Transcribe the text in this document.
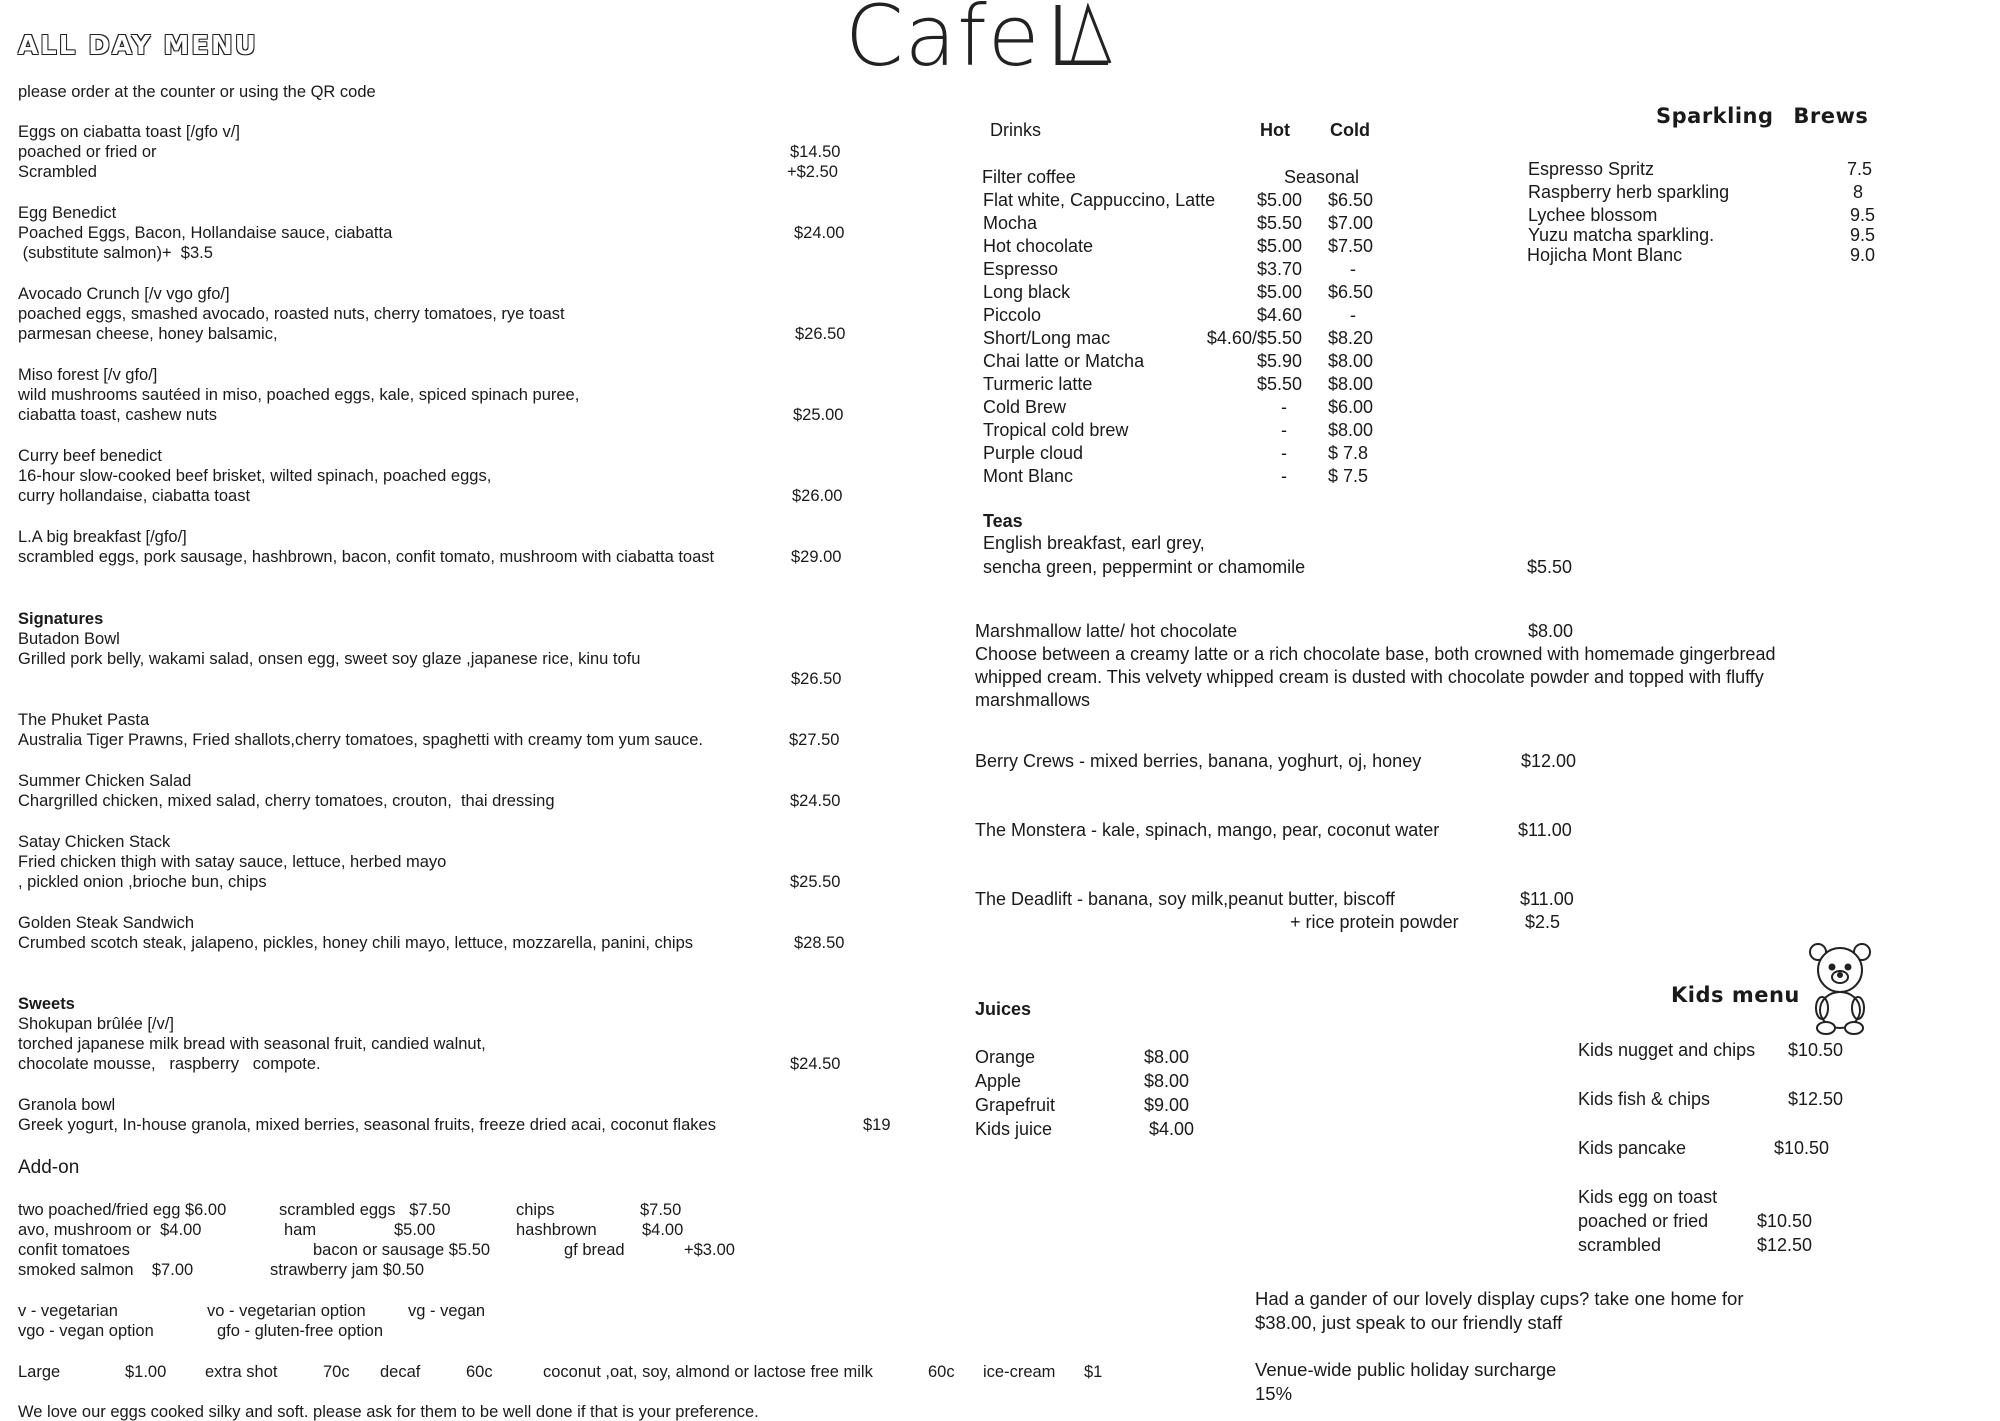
Cafe
ALL DAY MENU
please order at the counter or using the QR code
Eggs on ciabatta toast [/gfo v/]
poached or fried or
Scrambled
$14.50
+$2.50
Egg Benedict
Poached Eggs, Bacon, Hollandaise sauce, ciabatta
(substitute salmon)+  $3.5
$24.00
Avocado Crunch [/v vgo gfo/]
poached eggs, smashed avocado, roasted nuts, cherry tomatoes, rye toast
parmesan cheese, honey balsamic,	$26.50
Miso forest [/v gfo/]
wild mushrooms sautéed in miso, poached eggs, kale, spiced spinach puree,
ciabatta toast, cashew nuts	$25.00
Curry beef benedict
16-hour slow-cooked beef brisket, wilted spinach, poached eggs,
curry hollandaise, ciabatta toast	$26.00
L.A big breakfast [/gfo/]
scrambled eggs, pork sausage, hashbrown, bacon, confit tomato, mushroom with ciabatta toast	$29.00
Signatures
Butadon Bowl
Grilled pork belly, wakami salad, onsen egg, sweet soy glaze ,japanese rice, kinu tofu
$26.50
The Phuket Pasta
Australia Tiger Prawns, Fried shallots,cherry tomatoes, spaghetti with creamy tom yum sauce.	$27.50
Summer Chicken Salad
Chargrilled chicken, mixed salad, cherry tomatoes, crouton,  thai dressing	$24.50
Satay Chicken Stack
Fried chicken thigh with satay sauce, lettuce, herbed mayo
, pickled onion ,brioche bun, chips	$25.50
Golden Steak Sandwich
Crumbed scotch steak, jalapeno, pickles, honey chili mayo, lettuce, mozzarella, panini, chips	$28.50
Sweets
Shokupan brûlée [/v/]
torched japanese milk bread with seasonal fruit, candied walnut,
chocolate mousse,   raspberry   compote.	$24.50
Granola bowl
Greek yogurt, In-house granola, mixed berries, seasonal fruits, freeze dried acai, coconut flakes	$19
Add-on
two poached/fried egg $6.00	scrambled eggs   $7.50	chips	$7.50
avo, mushroom or  $4.00	ham	$5.00	hashbrown	$4.00
confit tomatoes	bacon or sausage $5.50	gf bread	+$3.00
smoked salmon    $7.00	strawberry jam $0.50
v - vegetarian	vo - vegetarian option	vg - vegan
vgo - vegan option	gfo - gluten-free option
Large	$1.00 extra shot	70c decaf	60c	coconut ,oat, soy, almond or lactose free milk	60c ice-cream $1
We love our eggs cooked silky and soft. please ask for them to be well done if that is your preference.
Drinks	Hot Cold
Filter coffee	Seasonal
Flat white, Cappuccino, Latte $5.00 $6.50
Mocha	$5.50 $7.00
Hot chocolate	$5.00 $7.50
Espresso	$3.70	-
Long black	$5.00 $6.50
Piccolo	$4.60	-
Short/Long mac	$4.60/$5.50 $8.20
Chai latte or Matcha	$5.90 $8.00
Turmeric latte	$5.50 $8.00
Cold Brew	- $6.00
Tropical cold brew	- $8.00
Purple cloud	- $ 7.8
Mont Blanc	- $ 7.5
Teas
English breakfast, earl grey,
sencha green, peppermint or chamomile	$5.50
Marshmallow latte/ hot chocolate	$8.00
Choose between a creamy latte or a rich chocolate base, both crowned with homemade gingerbread
whipped cream. This velvety whipped cream is dusted with chocolate powder and topped with fluffy
marshmallows
Berry Crews - mixed berries, banana, yoghurt, oj, honey	$12.00
The Monstera - kale, spinach, mango, pear, coconut water	$11.00
The Deadlift - banana, soy milk,peanut butter, biscoff	$11.00
+ rice protein powder	$2.5
Juices
Orange	$8.00
Apple	$8.00
Grapefruit	$9.00
Kids juice	$4.00
Sparkling Brews
Espresso Spritz	7.5
Raspberry herb sparkling	8
Lychee blossom	9.5
Yuzu matcha sparkling.	9.5
Hojicha Mont Blanc	9.0
Kids menu
Kids nugget and chips $10.50
Kids fish & chips	$12.50
Kids pancake	$10.50
Kids egg on toast
poached or fried	$10.50
scrambled	$12.50
Had a gander of our lovely display cups? take one home for
$38.00, just speak to our friendly staff
Venue-wide public holiday surcharge
15%
